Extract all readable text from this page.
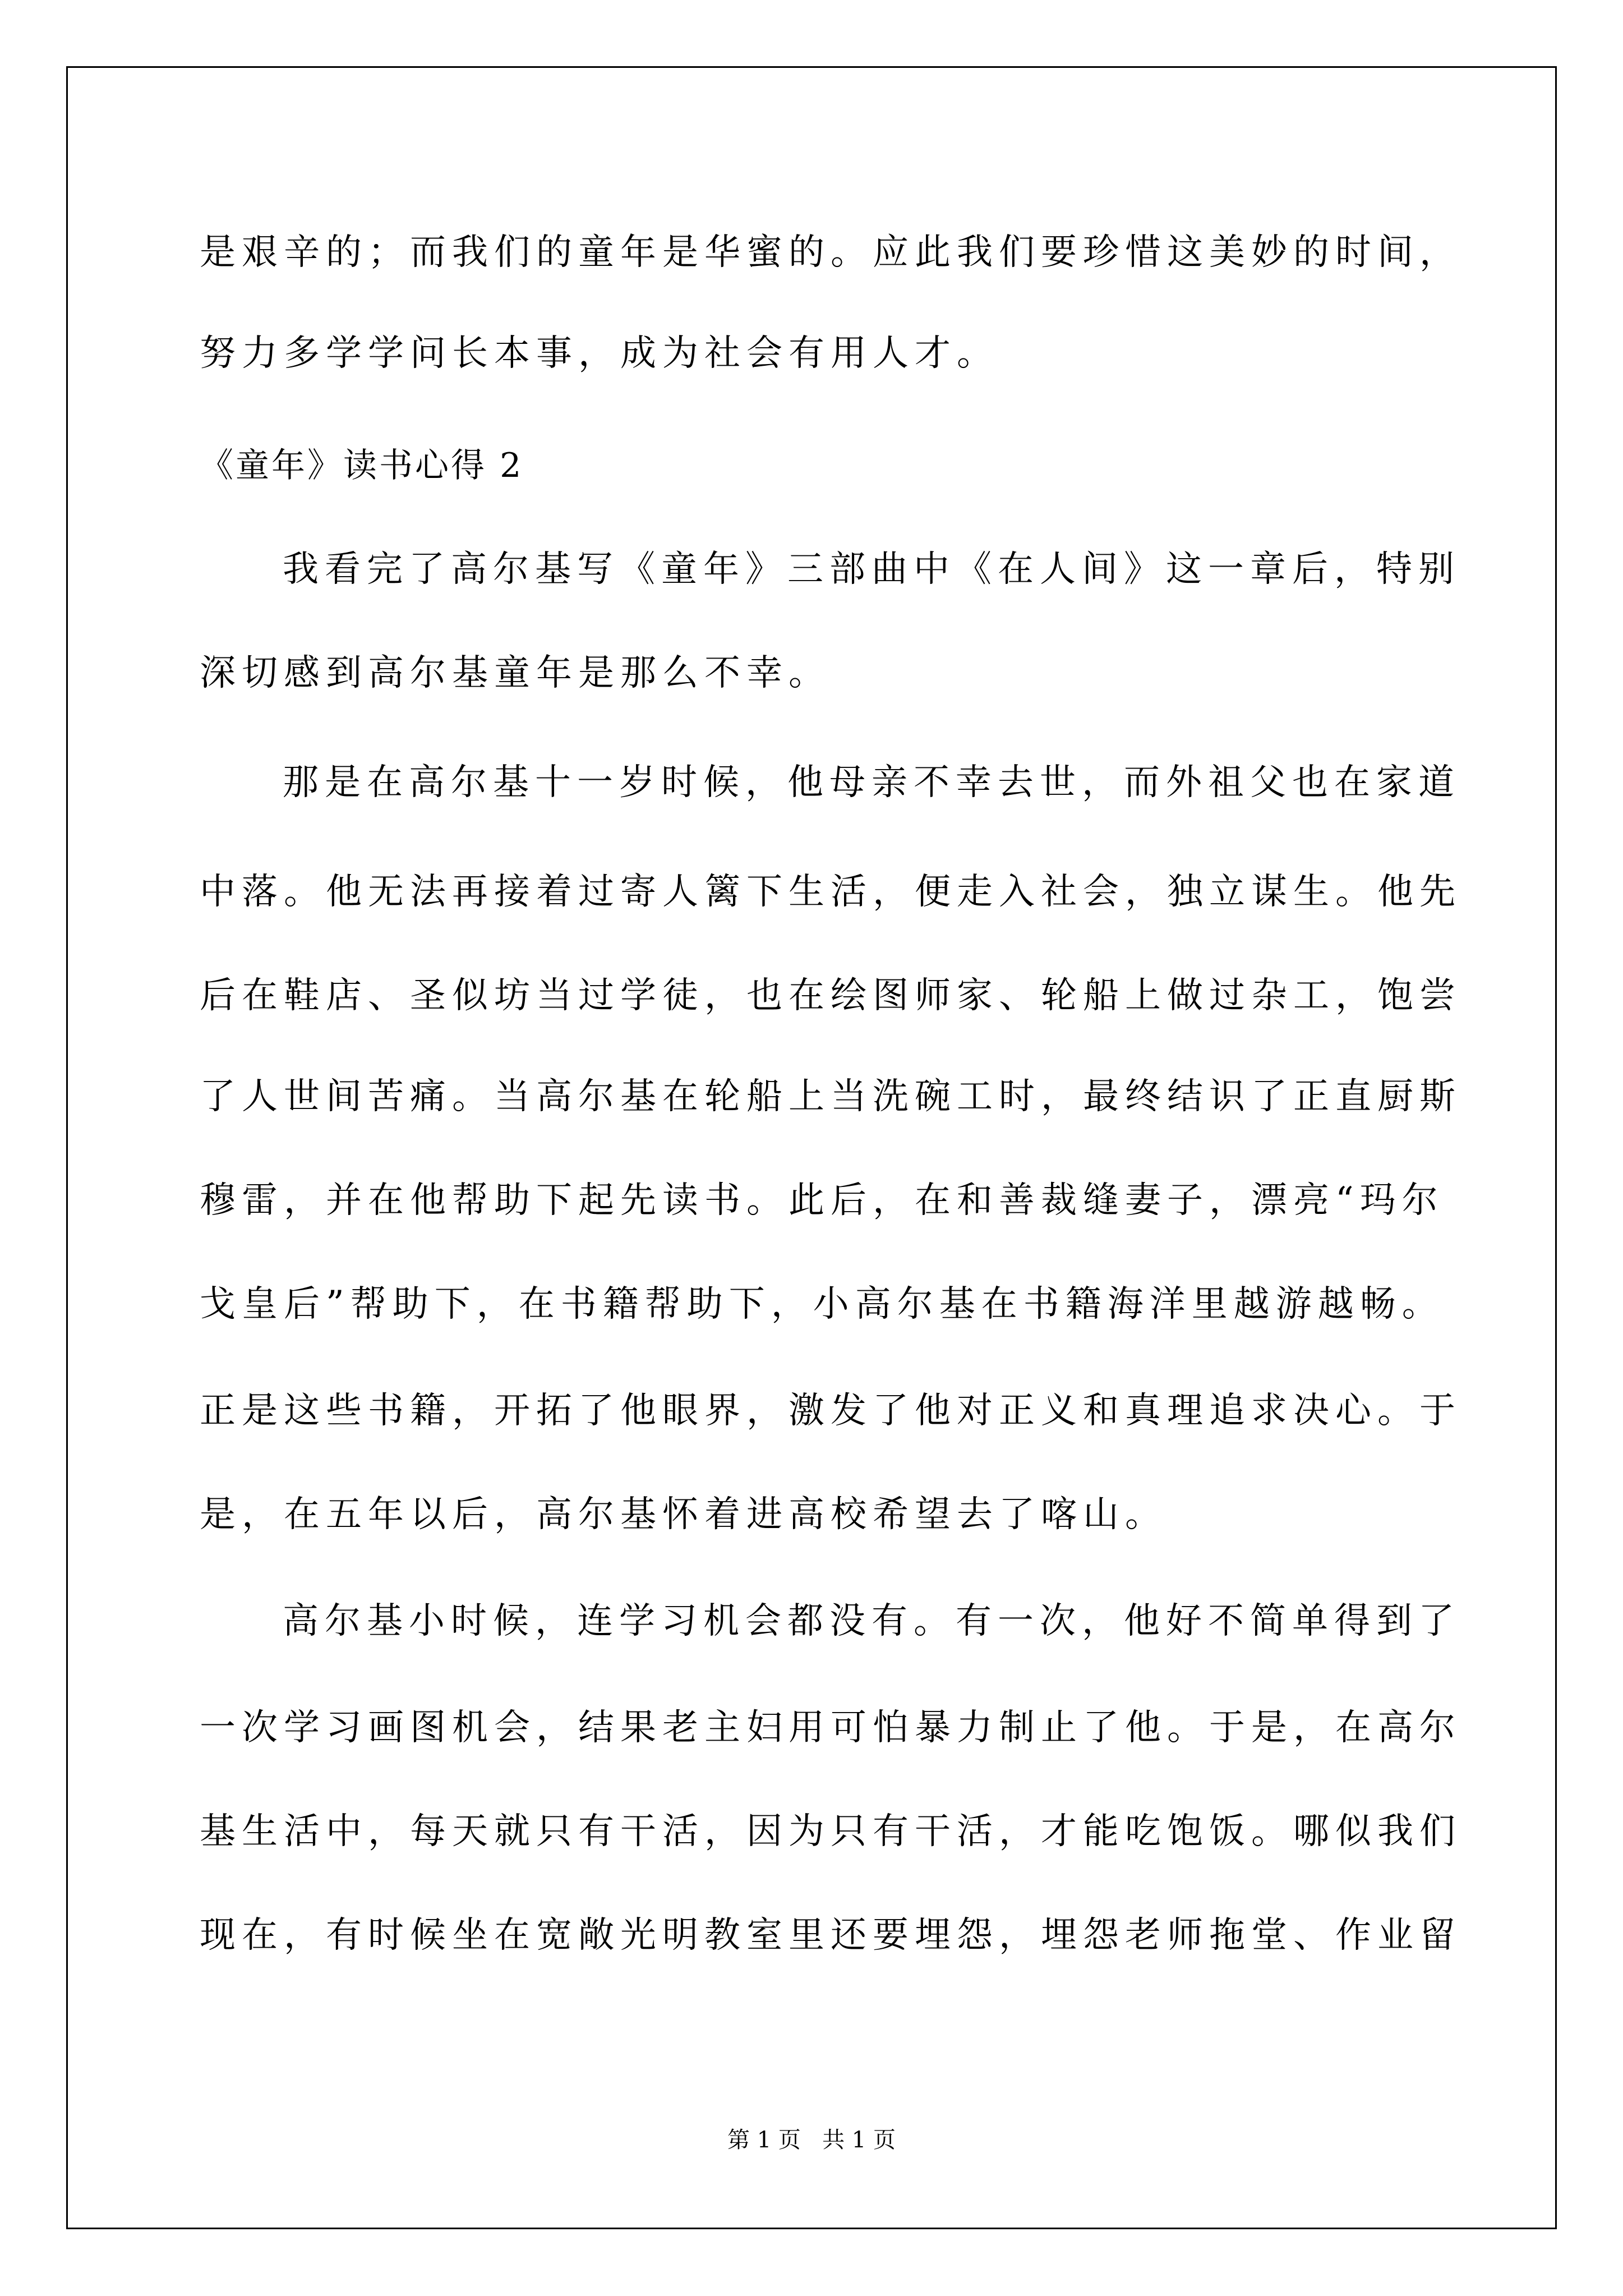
是艰辛的；而我们的童年是华蜜的。应此我们要珍惜这美妙的时间，

努力多学学问长本事，成为社会有用人才。

《童年》读书心得 2

我看完了高尔基写《童年》三部曲中《在人间》这一章后，特别

深切感到高尔基童年是那么不幸。

那是在高尔基十一岁时候，他母亲不幸去世，而外祖父也在家道

中落。他无法再接着过寄人篱下生活，便走入社会，独立谋生。他先

后在鞋店、圣似坊当过学徒，也在绘图师家、轮船上做过杂工，饱尝

了人世间苦痛。当高尔基在轮船上当洗碗工时，最终结识了正直厨斯

穆雷，并在他帮助下起先读书。此后，在和善裁缝妻子，漂亮“玛尔

戈皇后”帮助下，在书籍帮助下，小高尔基在书籍海洋里越游越畅。

正是这些书籍，开拓了他眼界，激发了他对正义和真理追求决心。于

是，在五年以后，高尔基怀着进高校希望去了喀山。

高尔基小时候，连学习机会都没有。有一次，他好不简单得到了

一次学习画图机会，结果老主妇用可怕暴力制止了他。于是，在高尔

基生活中，每天就只有干活，因为只有干活，才能吃饱饭。哪似我们

现在，有时候坐在宽敞光明教室里还要埋怨，埋怨老师拖堂、作业留

第 1 页   共 1 页
